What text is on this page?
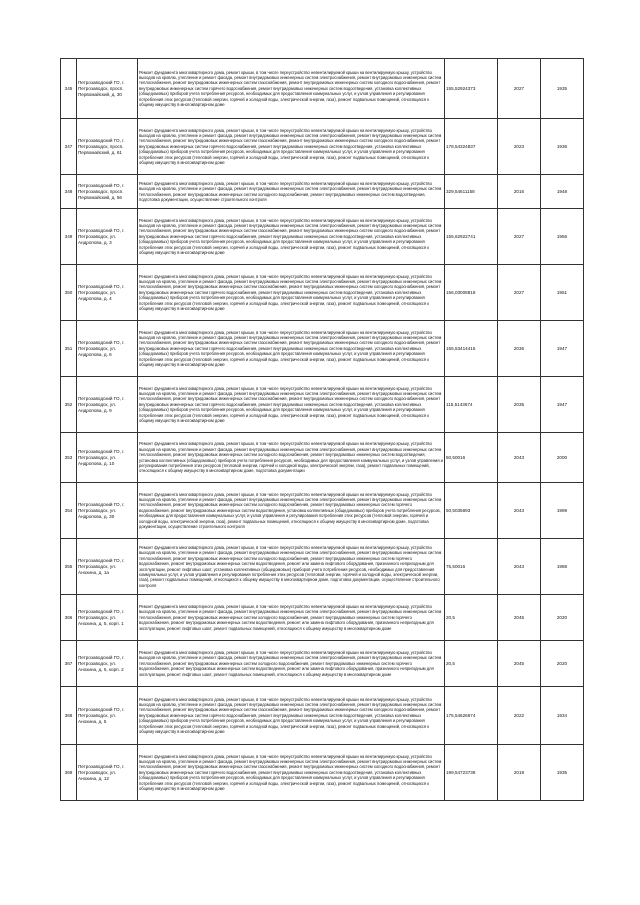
345	Петрозаводский ГО, г. Петрозаводск, просп. Первомайский, д. 30	Ремонт фундамента многоквартирного дома, ремонт крыши, в том числе переустройство невентилируемой крыши на вентилируемую крышу, устройство выходов на кровлю, утепление и ремонт фасада, ремонт внутридомовых инженерных систем электроснабжения, ремонт внутридомовых инженерных систем теплоснабжения, ремонт внутридомовых инженерных систем газоснабжения, ремонт внутридомовых инженерных систем холодного водоснабжения, ремонт внутридомовых инженерных систем горячего водоснабжения, ремонт внутридомовых инженерных систем водоотведения, установка коллективных (общедомовых) приборов учета потребления ресурсов, необходимых для предоставления коммунальных услуг, и узлов управления и регулирования потребления этих ресурсов (тепловой энергии, горячей и холодной воды, электрической энергии, газа), ремонт подвальных помещений, относящихся к общему имуществу в многоквартирном доме	155,52924373	2027	1935

347	Петрозаводский ГО, г. Петрозаводск, просп. Первомайский, д. 61	Ремонт фундамента многоквартирного дома, ремонт крыши, в том числе переустройство невентилируемой крыши на вентилируемую крышу, устройство выходов на кровлю, утепление и ремонт фасада, ремонт внутридомовых инженерных систем электроснабжения, ремонт внутридомовых инженерных систем теплоснабжения, ремонт внутридомовых инженерных систем газоснабжения, ремонт внутридомовых инженерных систем холодного водоснабжения, ремонт внутридомовых инженерных систем горячего водоснабжения, ремонт внутридомовых инженерных систем водоотведения, установка коллективных (общедомовых) приборов учета потребления ресурсов, необходимых для предоставления коммунальных услуг, и узлов управления и регулирования потребления этих ресурсов (тепловой энергии, горячей и холодной воды, электрической энергии, газа), ремонт подвальных помещений, относящихся к общему имуществу в многоквартирном доме	178,54324837	2023	1936

348	Петрозаводский ГО, г. Петрозаводск, просп. Первомайский, д. 56	Ремонт фундамента многоквартирного дома, ремонт крыши, в том числе переустройство невентилируемой крыши на вентилируемую крышу, устройство выходов на кровлю, утепление и ремонт фасада, ремонт внутридомовых инженерных систем электроснабжения, ремонт внутридомовых инженерных систем теплоснабжения, ремонт внутридомовых инженерных систем холодного водоснабжения, ремонт внутридомовых инженерных систем водоотведения, подготовка документации, осуществление строительного контроля	329,54611158	2016	1948

349	Петрозаводский ГО, г. Петрозаводск, ул. Андропова, д. 3	Ремонт фундамента многоквартирного дома, ремонт крыши, в том числе переустройство невентилируемой крыши на вентилируемую крышу, устройство выходов на кровлю, утепление и ремонт фасада, ремонт внутридомовых инженерных систем электроснабжения, ремонт внутридомовых инженерных систем теплоснабжения, ремонт внутридомовых инженерных систем газоснабжения, ремонт внутридомовых инженерных систем холодного водоснабжения, ремонт внутридомовых инженерных систем горячего водоснабжения, ремонт внутридомовых инженерных систем водоотведения, установка коллективных (общедомовых) приборов учета потребления ресурсов, необходимых для предоставления коммунальных услуг, и узлов управления и регулирования потребления этих ресурсов (тепловой энергии, горячей и холодной воды, электрической энергии, газа), ремонт подвальных помещений, относящихся к общему имуществу в многоквартирном доме	155,62922741	2027	1956

350	Петрозаводский ГО, г. Петрозаводск, ул. Андропова, д. 4	Ремонт фундамента многоквартирного дома, ремонт крыши, в том числе переустройство невентилируемой крыши на вентилируемую крышу, устройство выходов на кровлю, утепление и ремонт фасада, ремонт внутридомовых инженерных систем электроснабжения, ремонт внутридомовых инженерных систем теплоснабжения, ремонт внутридомовых инженерных систем газоснабжения, ремонт внутридомовых инженерных систем холодного водоснабжения, ремонт внутридомовых инженерных систем горячего водоснабжения, ремонт внутридомовых инженерных систем водоотведения, установка коллективных (общедомовых) приборов учета потребления ресурсов, необходимых для предоставления коммунальных услуг, и узлов управления и регулирования потребления этих ресурсов (тепловой энергии, горячей и холодной воды, электрической энергии, газа), ремонт подвальных помещений, относящихся к общему имуществу в многоквартирном доме	156,03008818	2027	1951

351	Петрозаводский ГО, г. Петрозаводск, ул. Андропова, д. 6	Ремонт фундамента многоквартирного дома, ремонт крыши, в том числе переустройство невентилируемой крыши на вентилируемую крышу, устройство выходов на кровлю, утепление и ремонт фасада, ремонт внутридомовых инженерных систем электроснабжения, ремонт внутридомовых инженерных систем теплоснабжения, ремонт внутридомовых инженерных систем газоснабжения, ремонт внутридомовых инженерных систем холодного водоснабжения, ремонт внутридомовых инженерных систем горячего водоснабжения, ремонт внутридомовых инженерных систем водоотведения, установка коллективных (общедомовых) приборов учета потребления ресурсов, необходимых для предоставления коммунальных услуг, и узлов управления и регулирования потребления этих ресурсов (тепловой энергии, горячей и холодной воды, электрической энергии, газа), ремонт подвальных помещений, относящихся к общему имуществу в многоквартирном доме	155,53414415	2036	1947

352	Петрозаводский ГО, г. Петрозаводск, ул. Андропова, д. 9	Ремонт фундамента многоквартирного дома, ремонт крыши, в том числе переустройство невентилируемой крыши на вентилируемую крышу, устройство выходов на кровлю, утепление и ремонт фасада, ремонт внутридомовых инженерных систем электроснабжения, ремонт внутридомовых инженерных систем теплоснабжения, ремонт внутридомовых инженерных систем газоснабжения, ремонт внутридомовых инженерных систем холодного водоснабжения, ремонт внутридомовых инженерных систем горячего водоснабжения, ремонт внутридомовых инженерных систем водоотведения, установка коллективных (общедомовых) приборов учета потребления ресурсов, необходимых для предоставления коммунальных услуг, и узлов управления и регулирования потребления этих ресурсов (тепловой энергии, горячей и холодной воды, электрической энергии, газа), ремонт подвальных помещений, относящихся к общему имуществу в многоквартирном доме	115,5143674	2035	1947

353	Петрозаводский ГО, г. Петрозаводск, ул. Андропова, д. 10	Ремонт фундамента многоквартирного дома, ремонт крыши, в том числе переустройство невентилируемой крыши на вентилируемую крышу, устройство выходов на кровлю, утепление и ремонт фасада, ремонт внутридомовых инженерных систем электроснабжения, ремонт внутридомовых инженерных систем теплоснабжения, ремонт внутридомовых инженерных систем холодного водоснабжения, ремонт внутридомовых инженерных систем водоотведения, установка коллективных (общедомовых) приборов учета потребления ресурсов, необходимых для предоставления коммунальных услуг, и узлов управления и регулирования потребления этих ресурсов (тепловой энергии, горячей и холодной воды, электрической энергии, газа), ремонт подвальных помещений, относящихся к общему имуществу в многоквартирном доме, подготовка документации	50,50016	2043	2000

354	Петрозаводский ГО, г. Петрозаводск, ул. Андропова, д. 30	Ремонт фундамента многоквартирного дома, ремонт крыши, в том числе переустройство невентилируемой крыши на вентилируемую крышу, устройство выходов на кровлю, утепление и ремонт фасада, ремонт внутридомовых инженерных систем электроснабжения, ремонт внутридомовых инженерных систем теплоснабжения, ремонт внутридомовых инженерных систем холодного водоснабжения, ремонт внутридомовых инженерных систем горячего водоснабжения, ремонт внутридомовых инженерных систем водоотведения, установка коллективных (общедомовых) приборов учета потребления ресурсов, необходимых для предоставления коммунальных услуг, и узлов управления и регулирования потребления этих ресурсов (тепловой энергии, горячей и холодной воды, электрической энергии, газа), ремонт подвальных помещений, относящихся к общему имуществу в многоквартирном доме, подготовка документации, осуществление строительного контроля	50,5035893	2043	1999

355	Петрозаводский ГО, г. Петрозаводск, ул. Анохина, д. 1а	Ремонт фундамента многоквартирного дома, ремонт крыши, в том числе переустройство невентилируемой крыши на вентилируемую крышу, устройство выходов на кровлю, утепление и ремонт фасада, ремонт внутридомовых инженерных систем электроснабжения, ремонт внутридомовых инженерных систем теплоснабжения, ремонт внутридомовых инженерных систем холодного водоснабжения, ремонт внутридомовых инженерных систем горячего водоснабжения, ремонт внутридомовых инженерных систем водоотведения, ремонт или замена лифтового оборудования, признанного непригодным для эксплуатации, ремонт лифтовых шахт, установка коллективных (общедомовых) приборов учета потребления ресурсов, необходимых для предоставления коммунальных услуг, и узлов управления и регулирования потребления этих ресурсов (тепловой энергии, горячей и холодной воды, электрической энергии, газа), ремонт подвальных помещений, относящихся к общему имуществу в многоквартирном доме, подготовка документации, осуществление строительного контроля	75,50016	2043	1988

366	Петрозаводский ГО, г. Петрозаводск, ул. Анохина, д. 5, корп. 1	Ремонт фундамента многоквартирного дома, ремонт крыши, в том числе переустройство невентилируемой крыши на вентилируемую крышу, устройство выходов на кровлю, утепление и ремонт фасада, ремонт внутридомовых инженерных систем электроснабжения, ремонт внутридомовых инженерных систем теплоснабжения, ремонт внутридомовых инженерных систем холодного водоснабжения, ремонт внутридомовых инженерных систем горячего водоснабжения, ремонт внутридомовых инженерных систем водоотведения, ремонт или замена лифтового оборудования, признанного непригодным для эксплуатации, ремонт лифтовых шахт, ремонт подвальных помещений, относящихся к общему имуществу в многоквартирном доме	20,5	2045	2020

367	Петрозаводский ГО, г. Петрозаводск, ул. Анохина, д. 5, корп. 2	Ремонт фундамента многоквартирного дома, ремонт крыши, в том числе переустройство невентилируемой крыши на вентилируемую крышу, устройство выходов на кровлю, утепление и ремонт фасада, ремонт внутридомовых инженерных систем электроснабжения, ремонт внутридомовых инженерных систем теплоснабжения, ремонт внутридомовых инженерных систем холодного водоснабжения, ремонт внутридомовых инженерных систем горячего водоснабжения, ремонт внутридомовых инженерных систем водоотведения, ремонт или замена лифтового оборудования, признанного непригодным для эксплуатации, ремонт лифтовых шахт, ремонт подвальных помещений, относящихся к общему имуществу в многоквартирном доме	20,5	2045	2020

368	Петрозаводский ГО, г. Петрозаводск, ул. Анохина, д. 5	Ремонт фундамента многоквартирного дома, ремонт крыши, в том числе переустройство невентилируемой крыши на вентилируемую крышу, устройство выходов на кровлю, утепление и ремонт фасада, ремонт внутридомовых инженерных систем электроснабжения, ремонт внутридомовых инженерных систем теплоснабжения, ремонт внутридомовых инженерных систем газоснабжения, ремонт внутридомовых инженерных систем холодного водоснабжения, ремонт внутридомовых инженерных систем горячего водоснабжения, ремонт внутридомовых инженерных систем водоотведения, установка коллективных (общедомовых) приборов учета потребления ресурсов, необходимых для предоставления коммунальных услуг, и узлов управления и регулирования потребления этих ресурсов (тепловой энергии, горячей и холодной воды, электрической энергии, газа), ремонт подвальных помещений, относящихся к общему имуществу в многоквартирном доме	175,54626674	2022	1934

369	Петрозаводский ГО, г. Петрозаводск, ул. Анохина, д. 12	Ремонт фундамента многоквартирного дома, ремонт крыши, в том числе переустройство невентилируемой крыши на вентилируемую крышу, устройство выходов на кровлю, утепление и ремонт фасада, ремонт внутридомовых инженерных систем электроснабжения, ремонт внутридомовых инженерных систем теплоснабжения, ремонт внутридомовых инженерных систем газоснабжения, ремонт внутридомовых инженерных систем холодного водоснабжения, ремонт внутридомовых инженерных систем горячего водоснабжения, ремонт внутридомовых инженерных систем водоотведения, установка коллективных (общедомовых) приборов учета потребления ресурсов, необходимых для предоставления коммунальных услуг, и узлов управления и регулирования потребления этих ресурсов (тепловой энергии, горячей и холодной воды, электрической энергии, газа), ремонт подвальных помещений, относящихся к общему имуществу в многоквартирном доме	199,54723738	2019	1935
